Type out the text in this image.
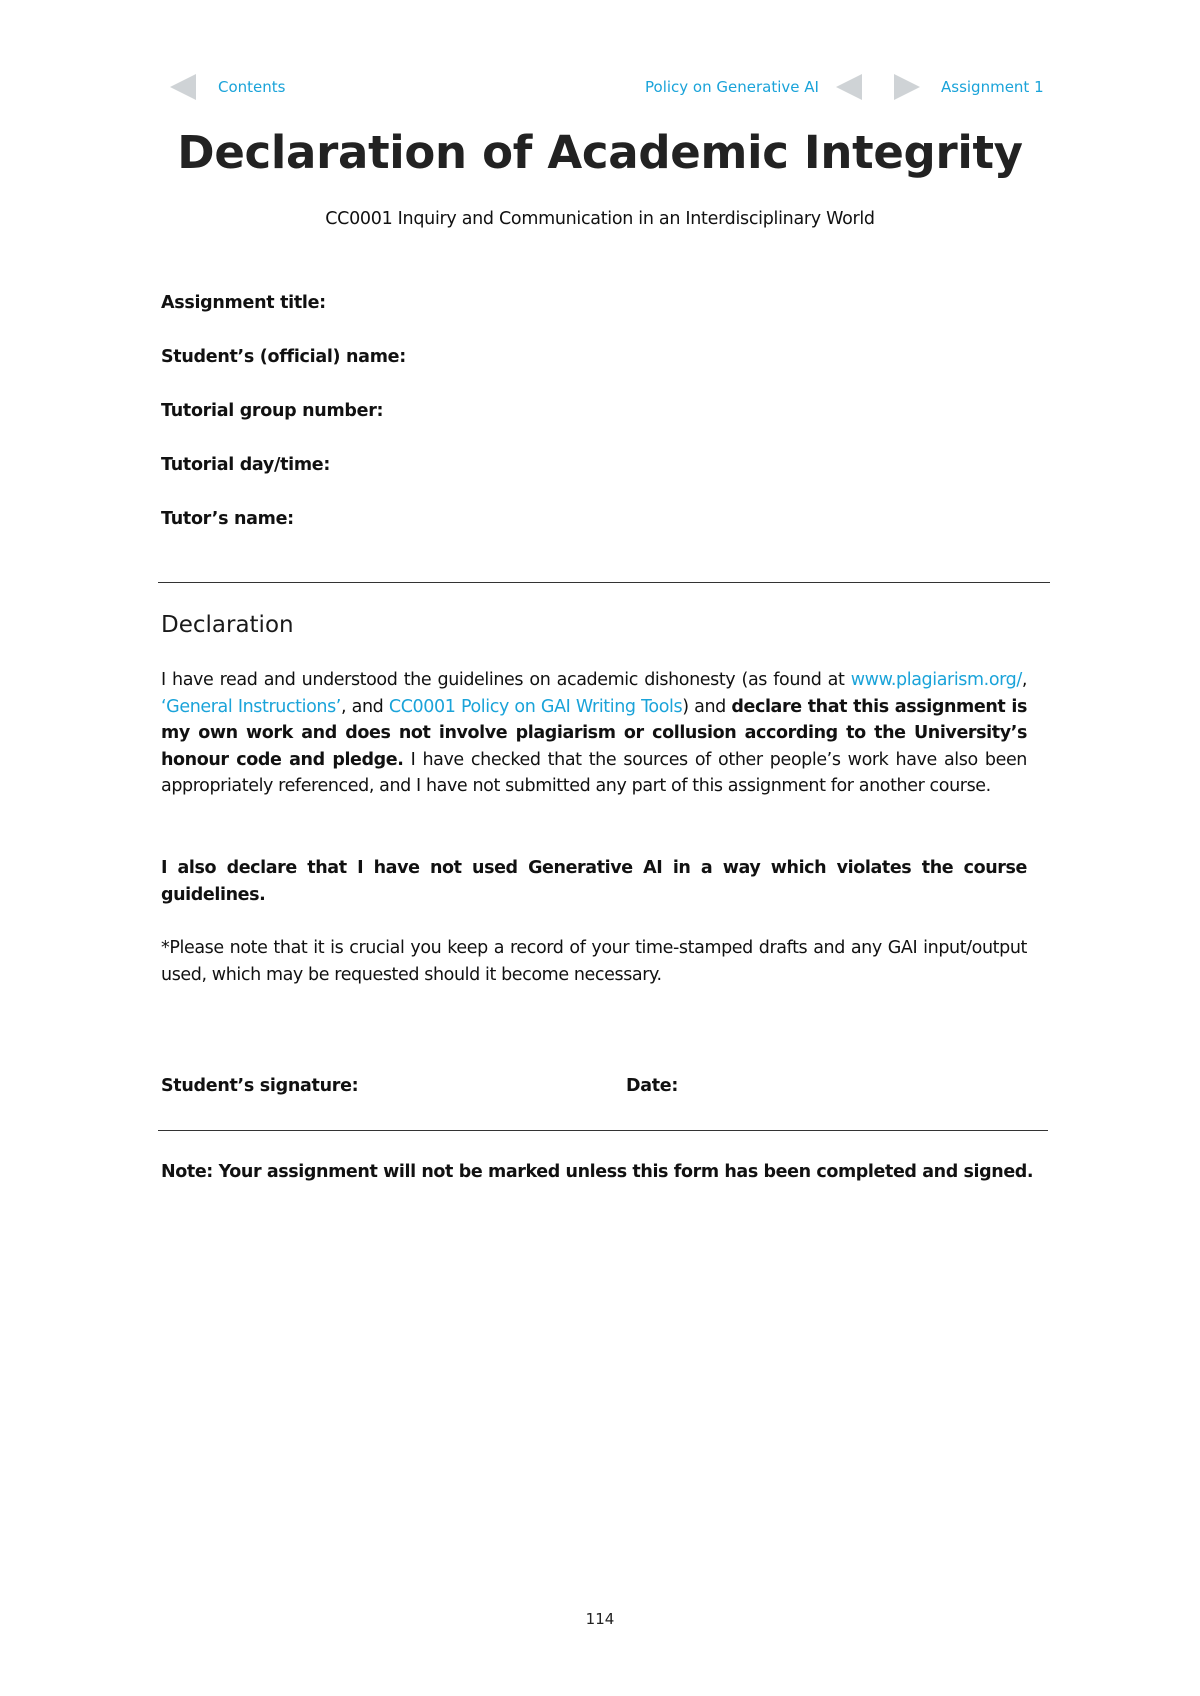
Contents	Policy on Generative AI	Assignment 1
Declaration of Academic Integrity
CC0001 Inquiry and Communication in an Interdisciplinary World
Assignment title:
Student’s (official) name:
Tutorial group number:
Tutorial day/time:
Tutor’s name:
Declaration

I have read and understood the guidelines on academic dishonesty (as found at www.plagiarism.org/, ‘General Instructions’, and CC0001 Policy on GAI Writing Tools) and declare that this assignment is my own work and does not involve plagiarism or collusion according to the University’s honour code and pledge. I have checked that the sources of other people’s work have also been appropriately referenced, and I have not submitted any part of this assignment for another course.

I also declare that I have not used Generative AI in a way which violates the course guidelines.

*Please note that it is crucial you keep a record of your time-stamped drafts and any GAI input/output used, which may be requested should it become necessary.

Student’s signature:	Date:
Note: Your assignment will not be marked unless this form has been completed and signed.
114
